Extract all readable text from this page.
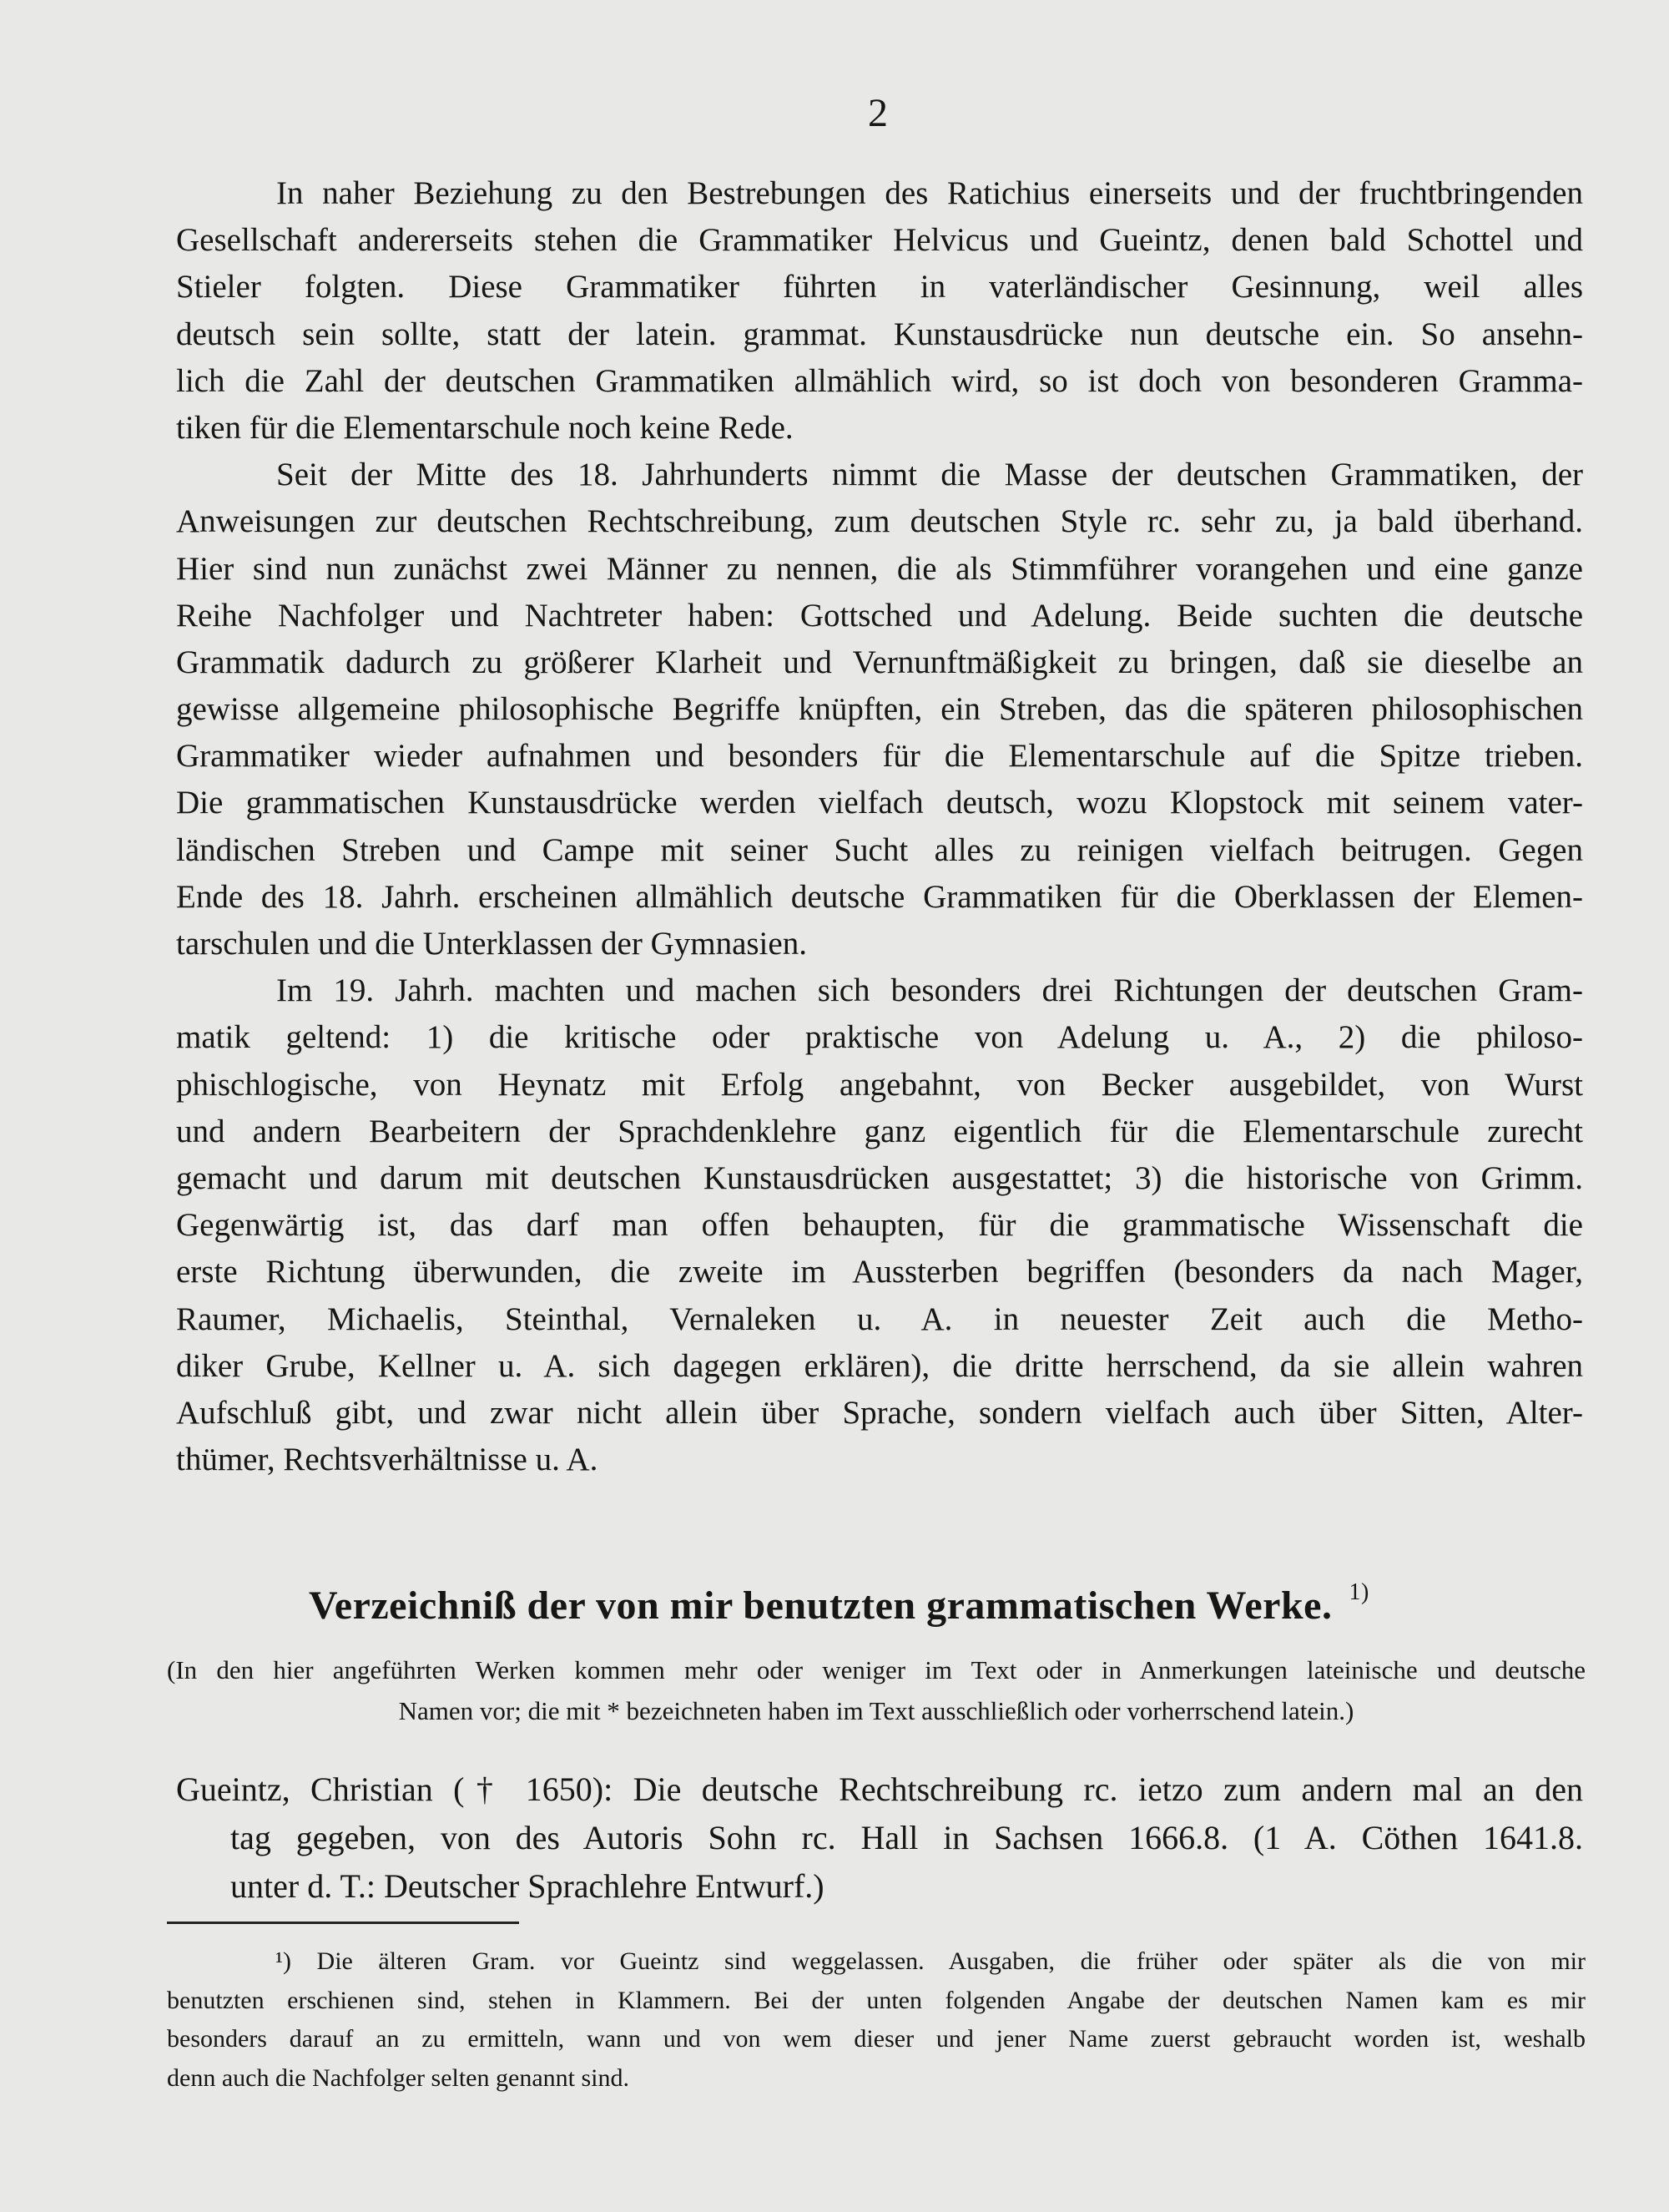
2
In naher Beziehung zu den Bestrebungen des Ratichius einerseits und der fruchtbringenden
Gesellschaft andererseits stehen die Grammatiker Helvicus und Gueintz, denen bald Schottel und
Stieler folgten. Diese Grammatiker führten in vaterländischer Gesinnung, weil alles
deutsch sein sollte, statt der latein. grammat. Kunstausdrücke nun deutsche ein. So ansehn-
lich die Zahl der deutschen Grammatiken allmählich wird, so ist doch von besonderen Gramma-
tiken für die Elementarschule noch keine Rede.
Seit der Mitte des 18. Jahrhunderts nimmt die Masse der deutschen Grammatiken, der
Anweisungen zur deutschen Rechtschreibung, zum deutschen Style rc. sehr zu, ja bald überhand.
Hier sind nun zunächst zwei Männer zu nennen, die als Stimmführer vorangehen und eine ganze
Reihe Nachfolger und Nachtreter haben: Gottsched und Adelung. Beide suchten die deutsche
Grammatik dadurch zu größerer Klarheit und Vernunftmäßigkeit zu bringen, daß sie dieselbe an
gewisse allgemeine philosophische Begriffe knüpften, ein Streben, das die späteren philosophischen
Grammatiker wieder aufnahmen und besonders für die Elementarschule auf die Spitze trieben.
Die grammatischen Kunstausdrücke werden vielfach deutsch, wozu Klopstock mit seinem vater-
ländischen Streben und Campe mit seiner Sucht alles zu reinigen vielfach beitrugen. Gegen
Ende des 18. Jahrh. erscheinen allmählich deutsche Grammatiken für die Oberklassen der Elemen-
tarschulen und die Unterklassen der Gymnasien.
Im 19. Jahrh. machten und machen sich besonders drei Richtungen der deutschen Gram-
matik geltend: 1) die kritische oder praktische von Adelung u. A., 2) die philoso-
phischlogische, von Heynatz mit Erfolg angebahnt, von Becker ausgebildet, von Wurst
und andern Bearbeitern der Sprachdenklehre ganz eigentlich für die Elementarschule zurecht
gemacht und darum mit deutschen Kunstausdrücken ausgestattet; 3) die historische von Grimm.
Gegenwärtig ist, das darf man offen behaupten, für die grammatische Wissenschaft die
erste Richtung überwunden, die zweite im Aussterben begriffen (besonders da nach Mager,
Raumer, Michaelis, Steinthal, Vernaleken u. A. in neuester Zeit auch die Metho-
diker Grube, Kellner u. A. sich dagegen erklären), die dritte herrschend, da sie allein wahren
Aufschluß gibt, und zwar nicht allein über Sprache, sondern vielfach auch über Sitten, Alter-
thümer, Rechtsverhältnisse u. A.
Verzeichniß der von mir benutzten grammatischen Werke. $^{1)}$
(In den hier angeführten Werken kommen mehr oder weniger im Text oder in Anmerkungen lateinische und deutsche
Namen vor; die mit * bezeichneten haben im Text ausschließlich oder vorherrschend latein.)
Gueintz, Christian († 1650): Die deutsche Rechtschreibung rc. ietzo zum andern mal an den
tag gegeben, von des Autoris Sohn rc. Hall in Sachsen 1666.8. (1 A. Cöthen 1641.8.
unter d. T.: Deutscher Sprachlehre Entwurf.)
¹) Die älteren Gram. vor Gueintz sind weggelassen. Ausgaben, die früher oder später als die von mir
benutzten erschienen sind, stehen in Klammern. Bei der unten folgenden Angabe der deutschen Namen kam es mir
besonders darauf an zu ermitteln, wann und von wem dieser und jener Name zuerst gebraucht worden ist, weshalb
denn auch die Nachfolger selten genannt sind.
